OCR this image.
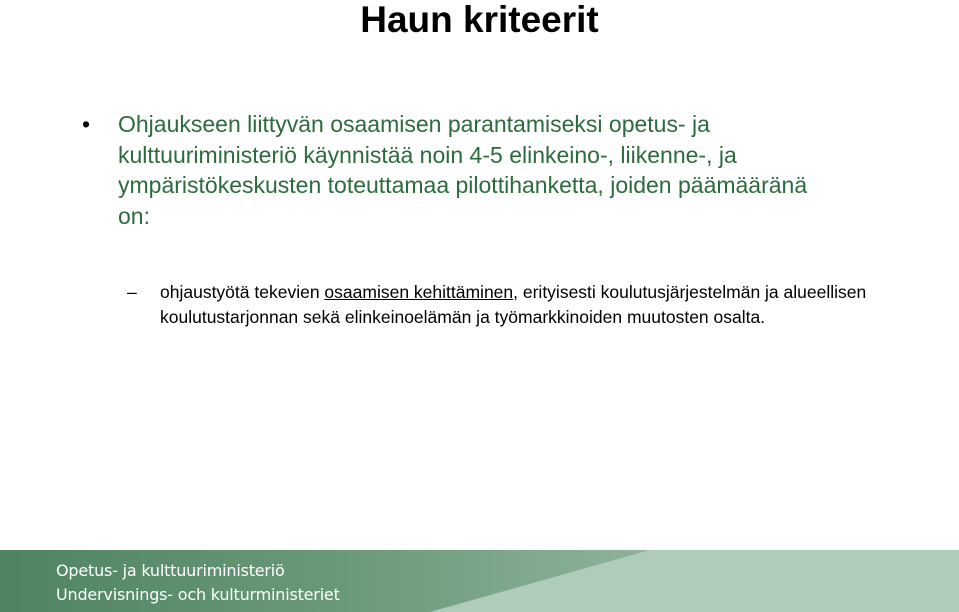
Haun kriteerit
• Ohjaukseen liittyvän osaamisen parantamiseksi opetus- ja kulttuuriministeriö käynnistää noin 4-5 elinkeino-, liikenne-, ja ympäristökeskusten toteuttamaa pilottihanketta, joiden päämääränä on:
– ohjaustyötä tekevien osaamisen kehittäminen, erityisesti koulutusjärjestelmän ja alueellisen koulutustarjonnan sekä elinkeinoelämän ja työmarkkinoiden muutosten osalta.
Opetus- ja kulttuuriministeriö
Undervisnings- och kulturministeriet
